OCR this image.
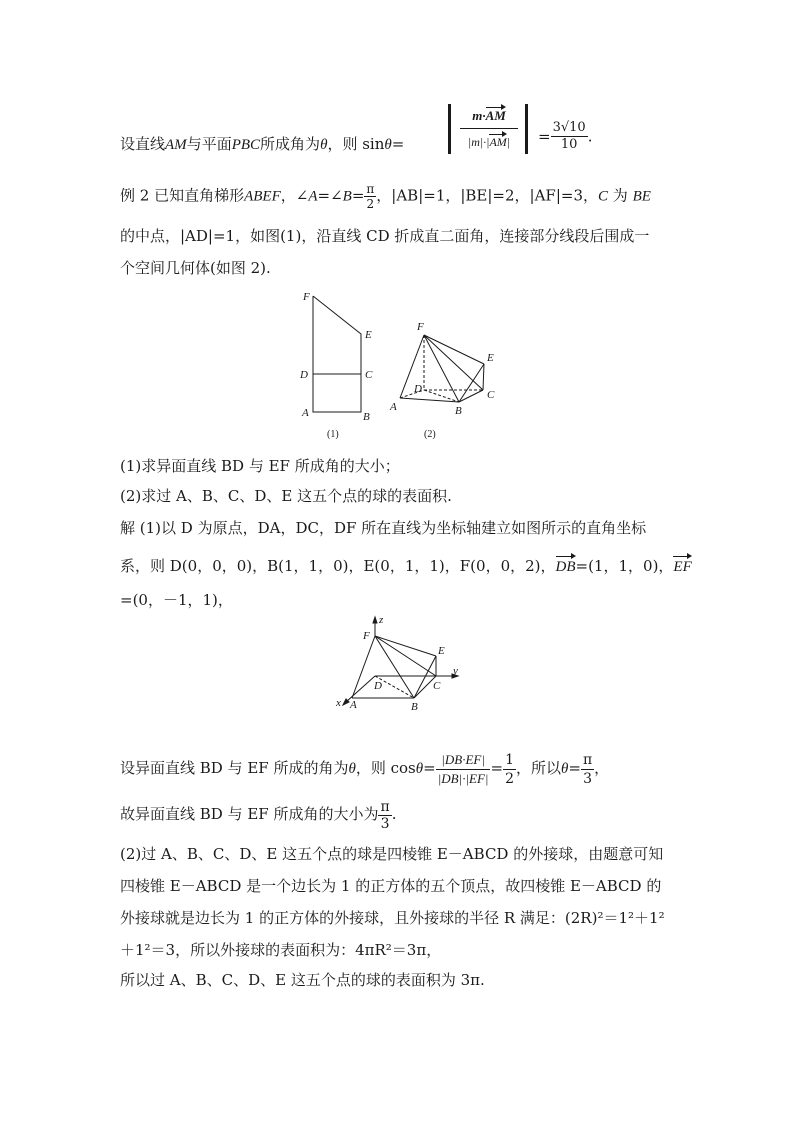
设直线AM与平面PBC所成角为θ，则 sinθ=
m·AM
|m|·|AM|	= $\frac{3√10}{10}$ .
例 2 已知直角梯形ABEF，∠A=∠B= $\frac{\pi}{2}$ ，|AB|=1，|BE|=2，|AF|=3，C 为 BE
的中点，|AD|=1，如图(1)，沿直线 CD 折成直二面角，连接部分线段后围成一
个空间几何体(如图 2).
F
E
D	C
A	B
(1)
F
E
D	C
A	B
(2)
(1)求异面直线 BD 与 EF 所成角的大小；
(2)求过 A、B、C、D、E 这五个点的球的表面积.
解 (1)以 D 为原点，DA，DC，DF 所在直线为坐标轴建立如图所示的直角坐标
系，则 D(0，0，0)，B(1，1，0)，E(0，1，1)，F(0，0，2)，DB=(1，1，0)，EF
=(0，－1，1)，
z
F
E
y
D	C
x A	B
设异面直线 BD 与 EF 所成的角为θ，则 $\cos\theta= \frac{|DB\cdot EF|}{|DB|\cdot|EF|} = \frac{1}{2}$ ，所以$\theta= \frac{\pi}{3}$ ，
故异面直线 BD 与 EF 所成角的大小为 $\frac{\pi}{3}$ .
(2)过 A、B、C、D、E 这五个点的球是四棱锥 E－ABCD 的外接球，由题意可知
四棱锥 E－ABCD 是一个边长为 1 的正方体的五个顶点，故四棱锥 E－ABCD 的
外接球就是边长为 1 的正方体的外接球，且外接球的半径 R 满足：(2R)²＝1²＋1²
＋1²＝3，所以外接球的表面积为：4πR²＝3π，
所以过 A、B、C、D、E 这五个点的球的表面积为 3π.
